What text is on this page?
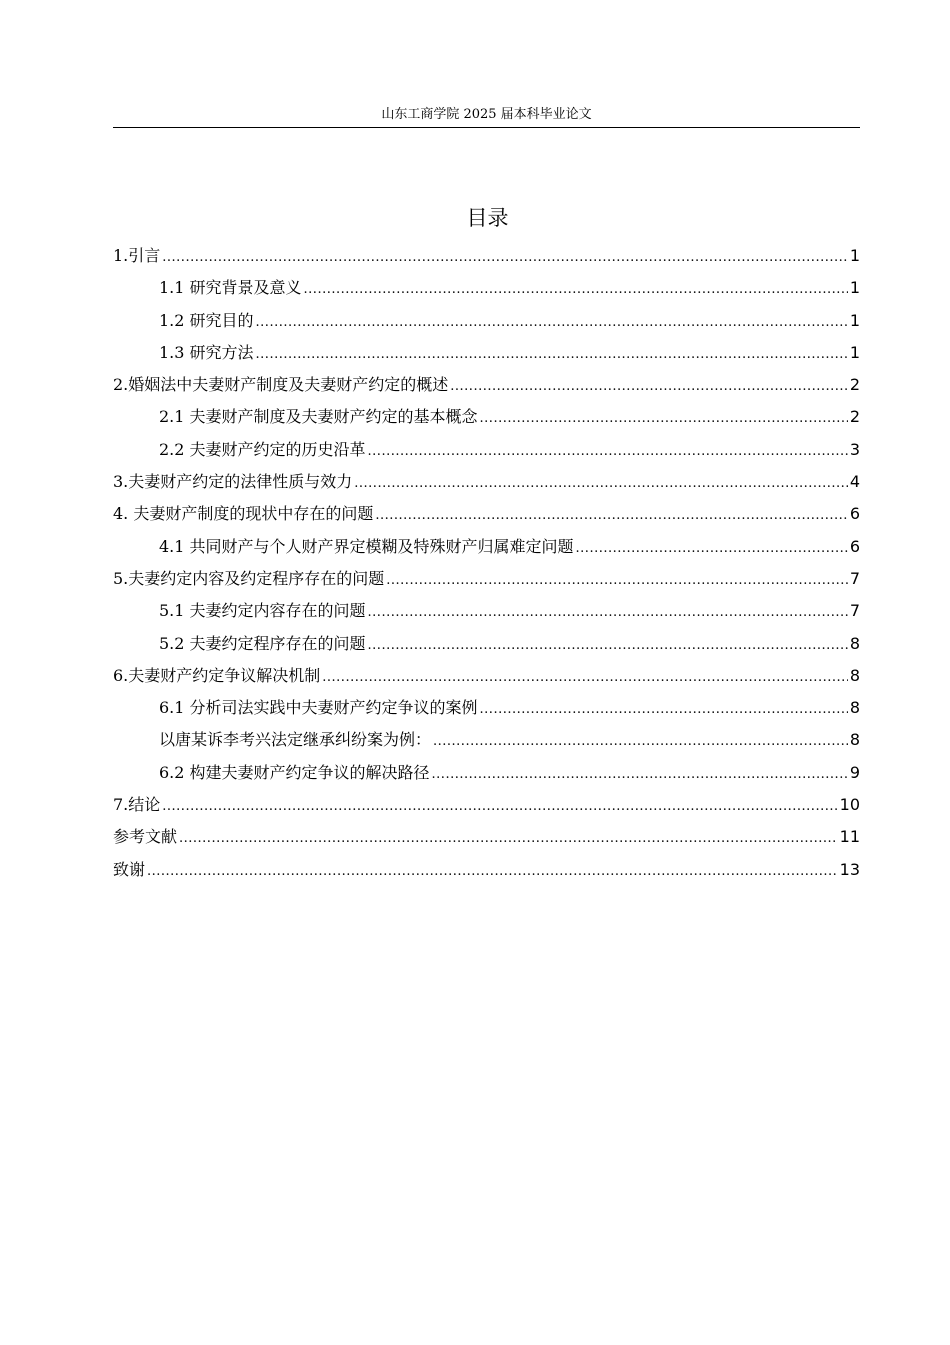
山东工商学院 2025 届本科毕业论文
目录
1.引言 .....	1
1.1 研究背景及意义 .....	1
1.2 研究目的 .....	1
1.3 研究方法 .....	1
2.婚姻法中夫妻财产制度及夫妻财产约定的概述 .....	2
2.1 夫妻财产制度及夫妻财产约定的基本概念 .....	2
2.2 夫妻财产约定的历史沿革 .....	3
3.夫妻财产约定的法律性质与效力 .....	4
4. 夫妻财产制度的现状中存在的问题 .....	6
4.1 共同财产与个人财产界定模糊及特殊财产归属难定问题 .....	6
5.夫妻约定内容及约定程序存在的问题 .....	7
5.1 夫妻约定内容存在的问题 .....	7
5.2 夫妻约定程序存在的问题 .....	8
6.夫妻财产约定争议解决机制 .....	8
6.1 分析司法实践中夫妻财产约定争议的案例 .....	8
以唐某诉李考兴法定继承纠纷案为例： .....	8
6.2 构建夫妻财产约定争议的解决路径 .....	9
7.结论 .....	10
参考文献 .....	11
致谢 .....	13
